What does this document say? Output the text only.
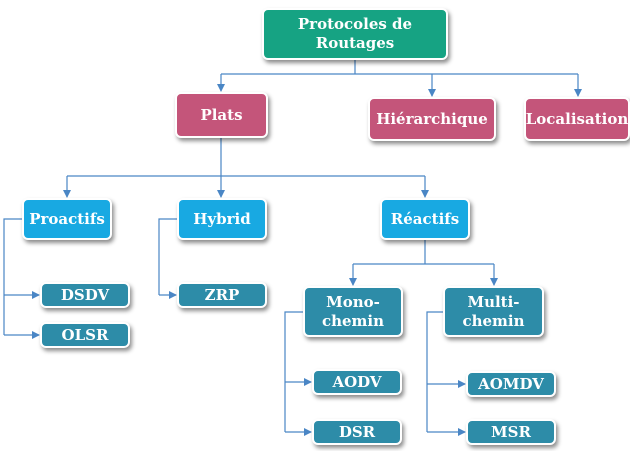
Protocoles de Routages
Plats	Hiérarchique	Localisation
Proactifs	Hybrid	Réactifs
DSDV
OLSR
ZRP	Mono-
chemin
Multi-
chemin
AODV
DSR
AOMDV
MSR
